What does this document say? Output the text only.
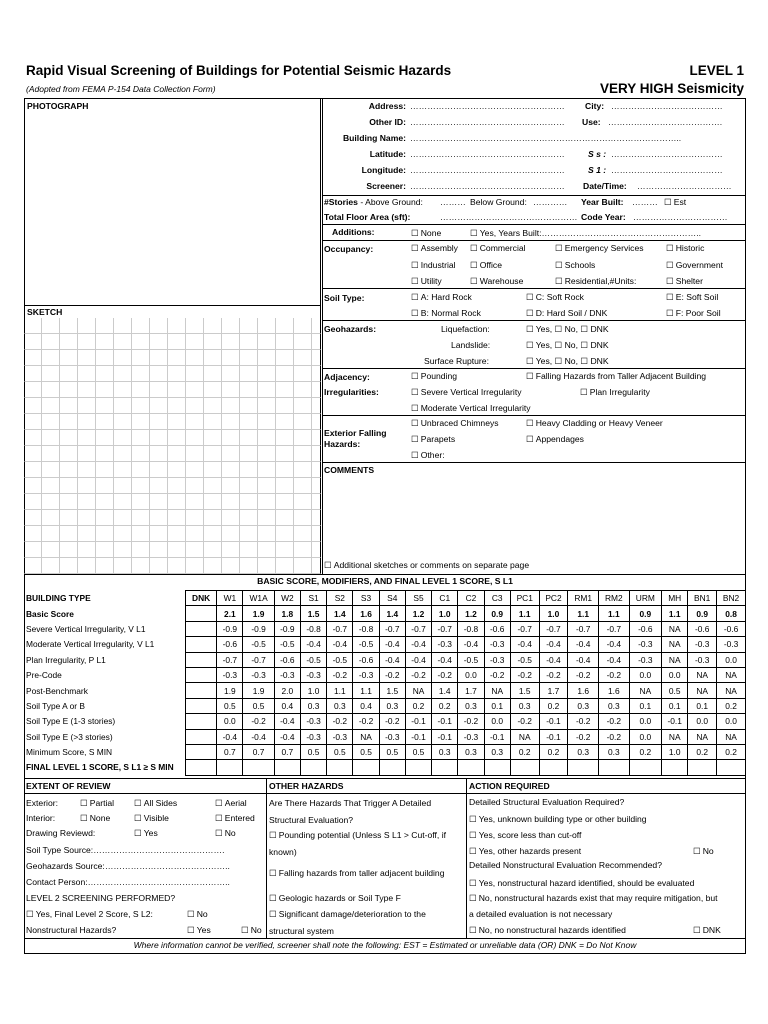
Rapid Visual Screening of Buildings for Potential Seismic Hazards
(Adopted from FEMA P-154 Data Collection Form)
LEVEL 1
VERY HIGH Seismicity
PHOTOGRAPH
SKETCH
Address: ……………………………………………… City: …………………………………
Other ID: ……………………………………………… Use: ………………………………….
Building Name: …………………………………………………………………………………..
Latitude: ………………………………………………	S s : …………………………………
Longitude: ………………………………………………	S 1 : …………………………………
Screener: ……………………………………………… Date/Time: ……………………………
#Stories - Above Ground: ……… Below Ground: ………… Year Built: ………	☐ Est
Total Floor Area (sft):	………………………………………… Code Year: ……………………………
Additions:	☐ None	☐ Yes, Years Built:………………………………………………..
Occupancy:	☐ Assembly	☐ Commercial	☐ Emergency Services	☐ Historic
☐ Industrial	☐ Office	☐ Schools	☐ Government
☐ Utility	☐ Warehouse	☐ Residential,#Units:	☐ Shelter
Soil Type:	☐ A: Hard Rock	☐ C: Soft Rock	☐ E: Soft Soil
☐ B: Normal Rock	☐ D: Hard Soil / DNK	☐ F: Poor Soil
Geohazards:	Liquefaction:	☐ Yes, ☐ No, ☐ DNK
Landslide:	☐ Yes, ☐ No, ☐ DNK
Surface Rupture:	☐ Yes, ☐ No, ☐ DNK
Adjacency:	☐ Pounding	☐ Falling Hazards from Taller Adjacent Building
Irregularities:	☐ Severe Vertical Irregularity	☐ Plan Irregularity
☐ Moderate Vertical Irregularity
Exterior Falling
Hazards:
☐ Unbraced Chimneys	☐ Heavy Cladding or Heavy Veneer
☐ Parapets	☐ Appendages
☐ Other:
COMMENTS
☐ Additional sketches or comments on separate page
BASIC SCORE, MODIFIERS, AND FINAL LEVEL 1 SCORE, S L1
BUILDING TYPE	DNK	W1	W1A	W2	S1	S2	S3	S4	S5	C1	C2	C3	PC1	PC2	RM1	RM2	URM	MH	BN1	BN2
Basic Score		2.1	1.9	1.8	1.5	1.4	1.6	1.4	1.2	1.0	1.2	0.9	1.1	1.0	1.1	1.1	0.9	1.1	0.9	0.8
Severe Vertical Irregularity, V L1		-0.9	-0.9	-0.9	-0.8	-0.7	-0.8	-0.7	-0.7	-0.7	-0.8	-0.6	-0.7	-0.7	-0.7	-0.7	-0.6	NA	-0.6	-0.6
Moderate Vertical Irregularity, V L1		-0.6	-0.5	-0.5	-0.4	-0.4	-0.5	-0.4	-0.4	-0.3	-0.4	-0.3	-0.4	-0.4	-0.4	-0.4	-0.3	NA	-0.3	-0.3
Plan Irregularity, P L1		-0.7	-0.7	-0.6	-0.5	-0.5	-0.6	-0.4	-0.4	-0.4	-0.5	-0.3	-0.5	-0.4	-0.4	-0.4	-0.3	NA	-0.3	0.0
Pre-Code		-0.3	-0.3	-0.3	-0.3	-0.2	-0.3	-0.2	-0.2	-0.2	0.0	-0.2	-0.2	-0.2	-0.2	-0.2	0.0	0.0	NA	NA
Post-Benchmark		1.9	1.9	2.0	1.0	1.1	1.1	1.5	NA	1.4	1.7	NA	1.5	1.7	1.6	1.6	NA	0.5	NA	NA
Soil Type A or B		0.5	0.5	0.4	0.3	0.3	0.4	0.3	0.2	0.2	0.3	0.1	0.3	0.2	0.3	0.3	0.1	0.1	0.1	0.2
Soil Type E (1-3 stories)		0.0	-0.2	-0.4	-0.3	-0.2	-0.2	-0.2	-0.1	-0.1	-0.2	0.0	-0.2	-0.1	-0.2	-0.2	0.0	-0.1	0.0	0.0
Soil Type E (>3 stories)		-0.4	-0.4	-0.4	-0.3	-0.3	NA	-0.3	-0.1	-0.1	-0.3	-0.1	NA	-0.1	-0.2	-0.2	0.0	NA	NA	NA
Minimum Score, S MIN		0.7	0.7	0.7	0.5	0.5	0.5	0.5	0.5	0.3	0.3	0.3	0.2	0.2	0.3	0.3	0.2	1.0	0.2	0.2
FINAL LEVEL 1 SCORE, S L1 ≥ S MIN																				
EXTENT OF REVIEW
Exterior:	☐ Partial	☐ All Sides	☐ Aerial
Interior:	☐ None	☐ Visible	☐ Entered
Drawing Reviewd:	☐ Yes	☐ No
Soil Type Source:……………………………………….
Geohazards Source:……………………………………..
Contact Person:…………………………………………..
LEVEL 2 SCREENING PERFORMED?
☐ Yes, Final Level 2 Score, S L2:	☐ No
Nonstructural Hazards?	☐ Yes	☐ No
OTHER HAZARDS
Are There Hazards That Trigger A Detailed
Structural Evaluation?
☐ Pounding potential (Unless S L1 > Cut-off, if
known)
☐ Falling hazards from taller adjacent building
☐ Geologic hazards or Soil Type F
☐ Significant damage/deterioration to the
structural system
ACTION REQUIRED
Detailed Structural Evaluation Required?
☐ Yes, unknown building type or other building
☐ Yes, score less than cut-off
☐ Yes, other hazards present	☐ No
Detailed Nonstructural Evaluation Recommended?
☐ Yes, nonstructural hazard identified, should be evaluated
☐ No, nonstructural hazards exist that may require mitigation, but
a detailed evaluation is not necessary
☐ No, no nonstructural hazards identified	☐ DNK
Where information cannot be verified, screener shall note the following: EST = Estimated or unreliable data (OR) DNK = Do Not Know
